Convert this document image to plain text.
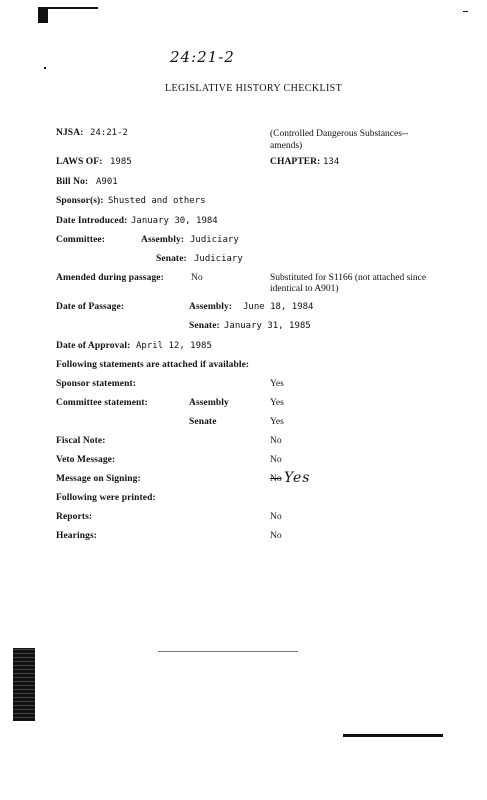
24:21-2
LEGISLATIVE HISTORY CHECKLIST
NJSA: 24:21-2	(Controlled Dangerous Substances--amends)
LAWS OF: 1985	CHAPTER: 134
Bill No: A901
Sponsor(s): Shusted and others
Date Introduced: January 30, 1984
Committee:	Assembly: Judiciary
Senate: Judiciary
Amended during passage:	No	Substituted for S1166 (not attached since identical to A901)
Date of Passage:	Assembly: June 18, 1984
Senate: January 31, 1985
Date of Approval: April 12, 1985
Following statements are attached if available:
Sponsor statement:	Yes
Committee statement:	Assembly	Yes
Senate	Yes
Fiscal Note:	No
Veto Message:	No
Message on Signing:	No Yes
Following were printed:
Reports:	No
Hearings:	No
